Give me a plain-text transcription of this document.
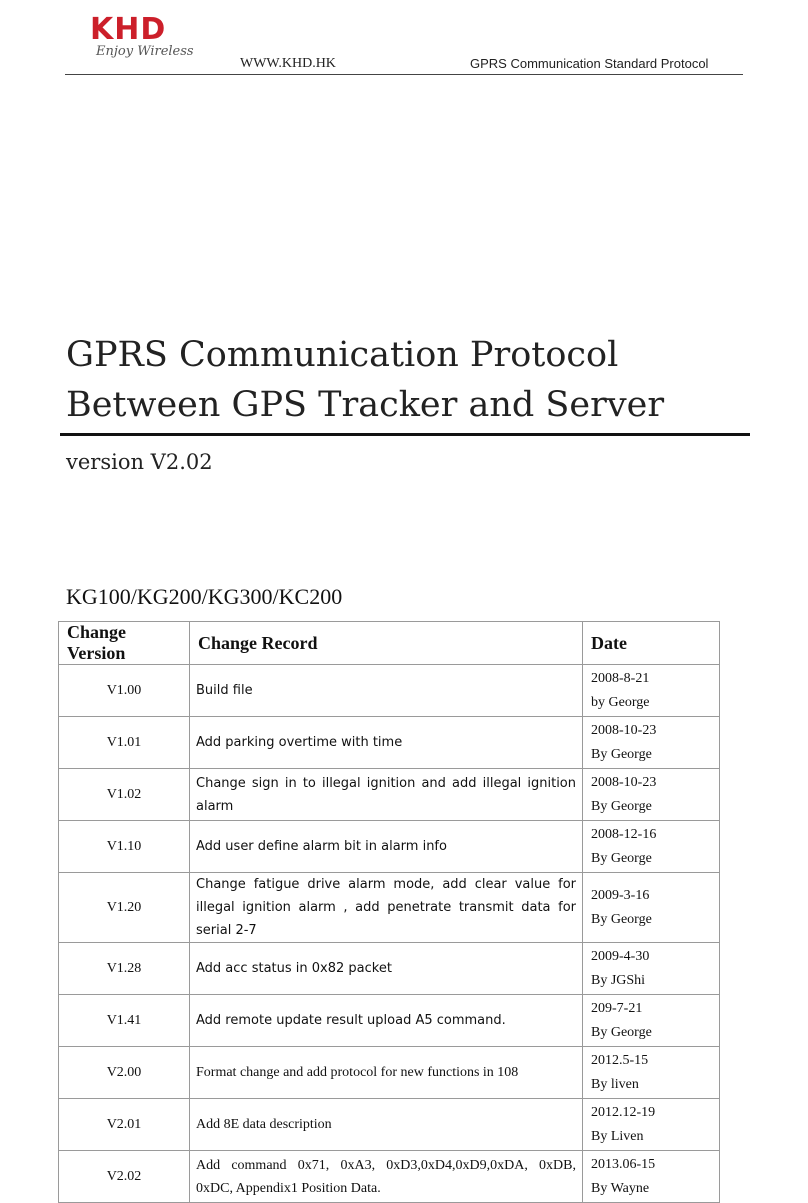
KHD
Enjoy Wireless
WWW.KHD.HK	GPRS Communication Standard Protocol
GPRS Communication Protocol
Between GPS Tracker and Server
version V2.02
KG100/KG200/KG300/KC200
Change Version	Change Record	Date
V1.00	Build file	2008-8-21
by George

V1.01	Add parking overtime with time	2008-10-23
By George

V1.02	Change sign in to illegal ignition and add illegal ignition alarm	2008-10-23
By George

V1.10	Add user define alarm bit in alarm info	2008-12-16
By George

V1.20	Change fatigue drive alarm mode, add clear value for illegal ignition alarm , add penetrate transmit data for serial 2-7	2009-3-16
By George

V1.28	Add acc status in 0x82 packet	2009-4-30
By JGShi

V1.41	Add remote update result upload A5 command.	209-7-21
By George

V2.00	Format change and add protocol for new functions in 108	2012.5-15
By liven

V2.01	Add 8E data description	2012.12-19
By Liven

V2.02	Add command 0x71, 0xA3, 0xD3,0xD4,0xD9,0xDA, 0xDB, 0xDC, Appendix1 Position Data.	2013.06-15
By Wayne
